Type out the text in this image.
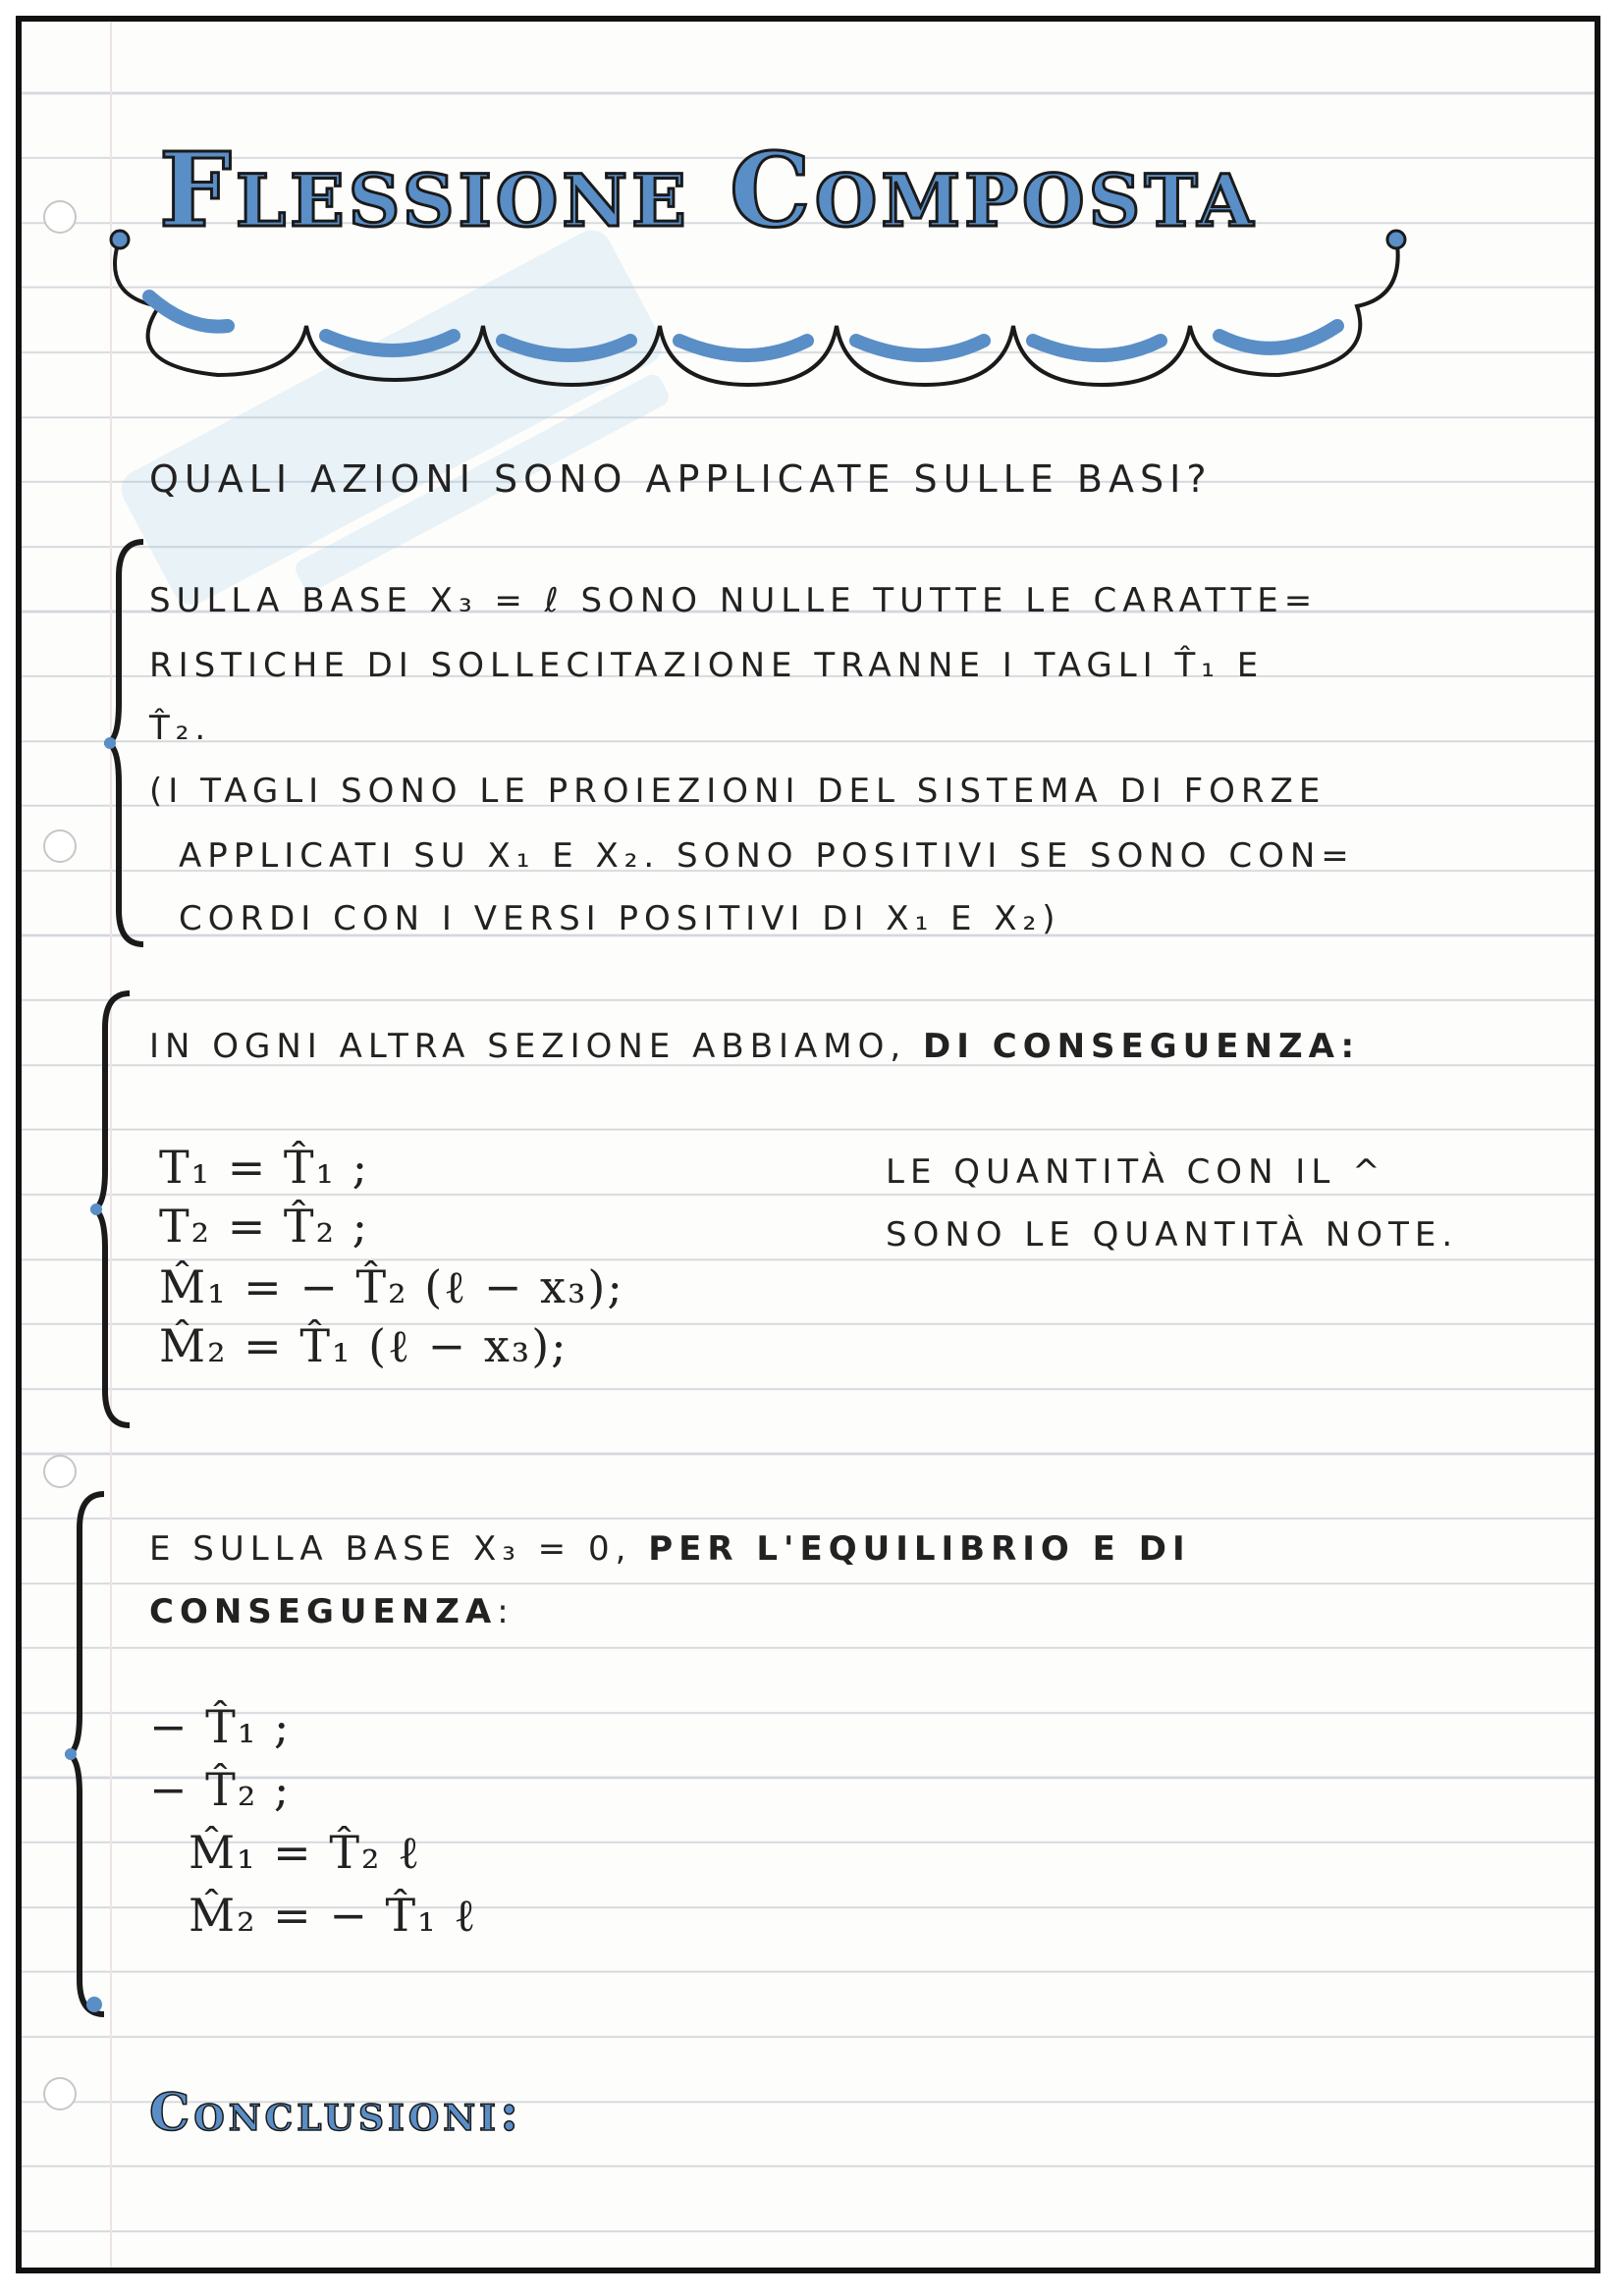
Flessione Composta
QUALI AZIONI SONO APPLICATE SULLE BASI?
SULLA BASE X₃ = ℓ SONO NULLE TUTTE LE CARATTE=
RISTICHE DI SOLLECITAZIONE TRANNE I TAGLI T̂₁ E
T̂₂.
(I TAGLI SONO LE PROIEZIONI DEL SISTEMA DI FORZE
APPLICATI SU X₁ E X₂. SONO POSITIVI SE SONO CON=
CORDI CON I VERSI POSITIVI DI X₁ E X₂)
IN OGNI ALTRA SEZIONE ABBIAMO, DI CONSEGUENZA:
T₁ = T̂₁ ;
T₂ = T̂₂ ;
M̂₁ = − T̂₂ (ℓ − x₃);
M̂₂ = T̂₁ (ℓ − x₃);
LE QUANTITÀ CON IL ^
SONO LE QUANTITÀ NOTE.
E SULLA BASE X₃ = 0, PER L'EQUILIBRIO E DI
CONSEGUENZA:
− T̂₁ ;
− T̂₂ ;
M̂₁ = T̂₂ ℓ
M̂₂ = − T̂₁ ℓ
Conclusioni:
